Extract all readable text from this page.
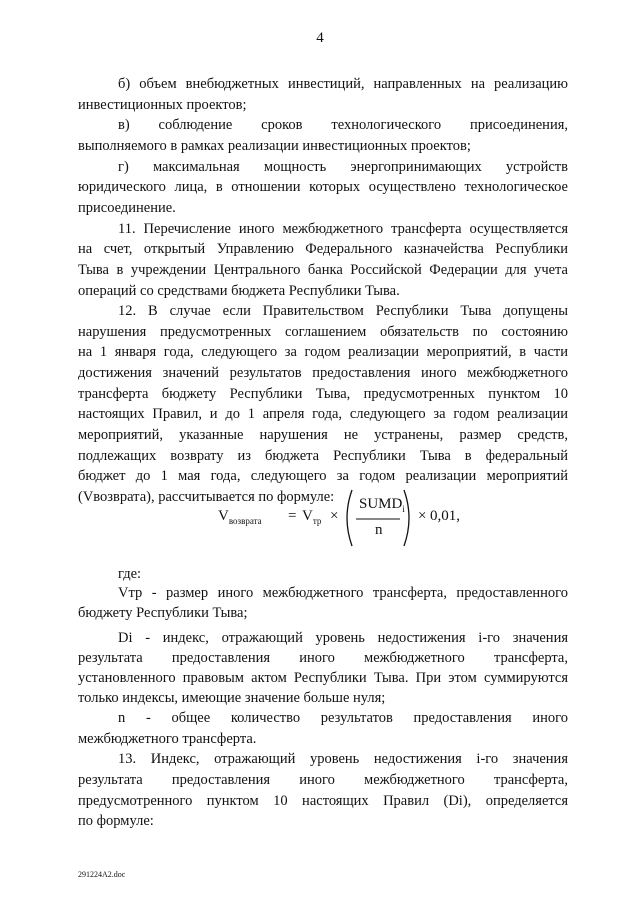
4
б) объем внебюджетных инвестиций, направленных на реализацию
инвестиционных проектов;
в) соблюдение сроков технологического присоединения,
выполняемого в рамках реализации инвестиционных проектов;
г) максимальная мощность энергопринимающих устройств
юридического лица, в отношении которых осуществлено технологическое
присоединение.
11. Перечисление иного межбюджетного трансферта осуществляется
на счет, открытый Управлению Федерального казначейства Республики
Тыва в учреждении Центрального банка Российской Федерации для учета
операций со средствами бюджета Республики Тыва.
12. В случае если Правительством Республики Тыва допущены
нарушения предусмотренных соглашением обязательств по состоянию
на 1 января года, следующего за годом реализации мероприятий, в части
достижения значений результатов предоставления иного межбюджетного
трансферта бюджету Республики Тыва, предусмотренных пунктом 10
настоящих Правил, и до 1 апреля года, следующего за годом реализации
мероприятий, указанные нарушения не устранены, размер средств,
подлежащих возврату из бюджета Республики Тыва в федеральный
бюджет до 1 мая года, следующего за годом реализации мероприятий
(Vвозврата), рассчитывается по формуле:
где:
Vтр - размер иного межбюджетного трансферта, предоставленного
бюджету Республики Тыва;
Di - индекс, отражающий уровень недостижения i-го значения
результата предоставления иного межбюджетного трансферта,
установленного правовым актом Республики Тыва. При этом суммируются
только индексы, имеющие значение больше нуля;
n - общее количество результатов предоставления иного
межбюджетного трансферта.
13. Индекс, отражающий уровень недостижения i-го значения
результата предоставления иного межбюджетного трансферта,
предусмотренного пунктом 10 настоящих Правил (Di), определяется
по формуле:
$V_{возврата} = V_{тр}$ ×
$SUMD_i$
n
× 0,01,
291224A2.doc
